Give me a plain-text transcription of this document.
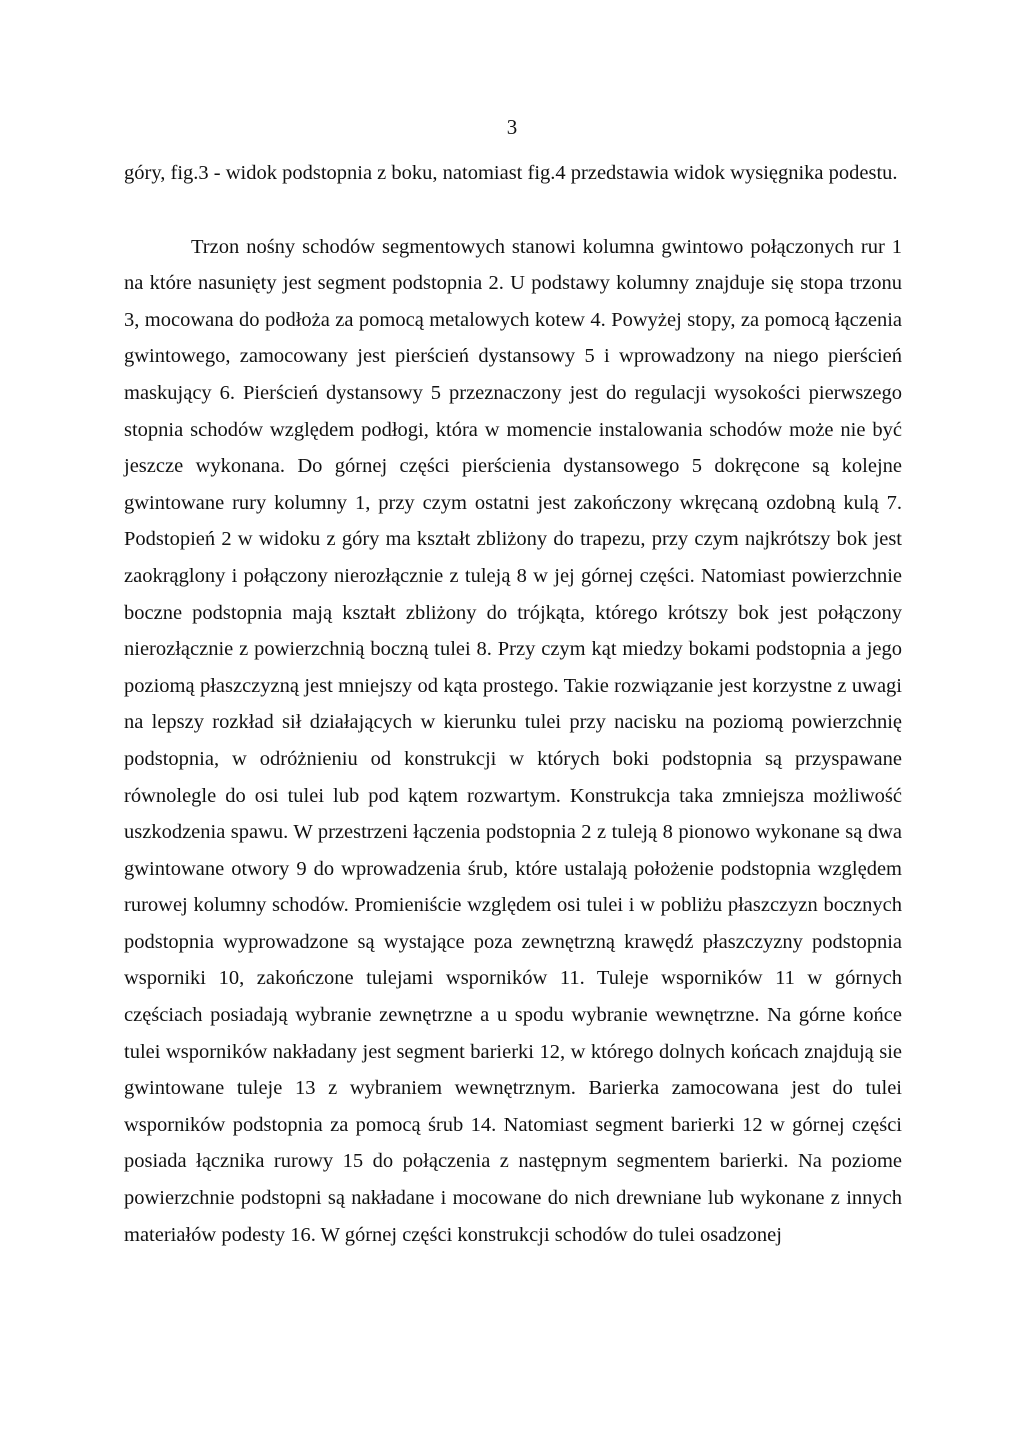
3

góry, fig.3 - widok podstopnia z boku, natomiast fig.4 przedstawia widok wysięgnika podestu.

Trzon nośny schodów segmentowych stanowi kolumna gwintowo połączonych rur 1 na które nasunięty jest segment podstopnia 2. U podstawy kolumny znajduje się stopa trzonu 3, mocowana do podłoża za pomocą metalowych kotew 4. Powyżej stopy, za pomocą łączenia gwintowego, zamocowany jest pierścień dystansowy 5 i wprowadzony na niego pierścień maskujący 6. Pierścień dystansowy 5 przeznaczony jest do regulacji wysokości pierwszego stopnia schodów względem podłogi, która w momencie instalowania schodów może nie być jeszcze wykonana. Do górnej części pierścienia dystansowego 5 dokręcone są kolejne gwintowane rury kolumny 1, przy czym ostatni jest zakończony wkręcaną ozdobną kulą 7. Podstopień 2 w widoku z góry ma kształt zbliżony do trapezu, przy czym najkrótszy bok jest zaokrąglony i połączony nierozłącznie z tuleją 8 w jej górnej części. Natomiast powierzchnie boczne podstopnia mają kształt zbliżony do trójkąta, którego krótszy bok jest połączony nierozłącznie z powierzchnią boczną tulei 8. Przy czym kąt miedzy bokami podstopnia a jego poziomą płaszczyzną jest mniejszy od kąta prostego. Takie rozwiązanie jest korzystne z uwagi na lepszy rozkład sił działających w kierunku tulei przy nacisku na poziomą powierzchnię podstopnia, w odróżnieniu od konstrukcji w których boki podstopnia są przyspawane równolegle do osi tulei lub pod kątem rozwartym. Konstrukcja taka zmniejsza możliwość uszkodzenia spawu. W przestrzeni łączenia podstopnia 2 z tuleją 8 pionowo wykonane są dwa gwintowane otwory 9 do wprowadzenia śrub, które ustalają położenie podstopnia względem rurowej kolumny schodów. Promieniście względem osi tulei i w pobliżu płaszczyzn bocznych podstopnia wyprowadzone są wystające poza zewnętrzną krawędź płaszczyzny podstopnia wsporniki 10, zakończone tulejami wsporników 11. Tuleje wsporników 11 w górnych częściach posiadają wybranie zewnętrzne a u spodu wybranie wewnętrzne. Na górne końce tulei wsporników nakładany jest segment barierki 12, w którego dolnych końcach znajdują sie gwintowane tuleje 13 z wybraniem wewnętrznym. Barierka zamocowana jest do tulei wsporników podstopnia za pomocą śrub 14. Natomiast segment barierki 12 w górnej części posiada łącznika rurowy 15 do połączenia z następnym segmentem barierki. Na poziome powierzchnie podstopni są nakładane i mocowane do nich drewniane lub wykonane z innych materiałów podesty 16. W górnej części konstrukcji schodów do tulei osadzonej
